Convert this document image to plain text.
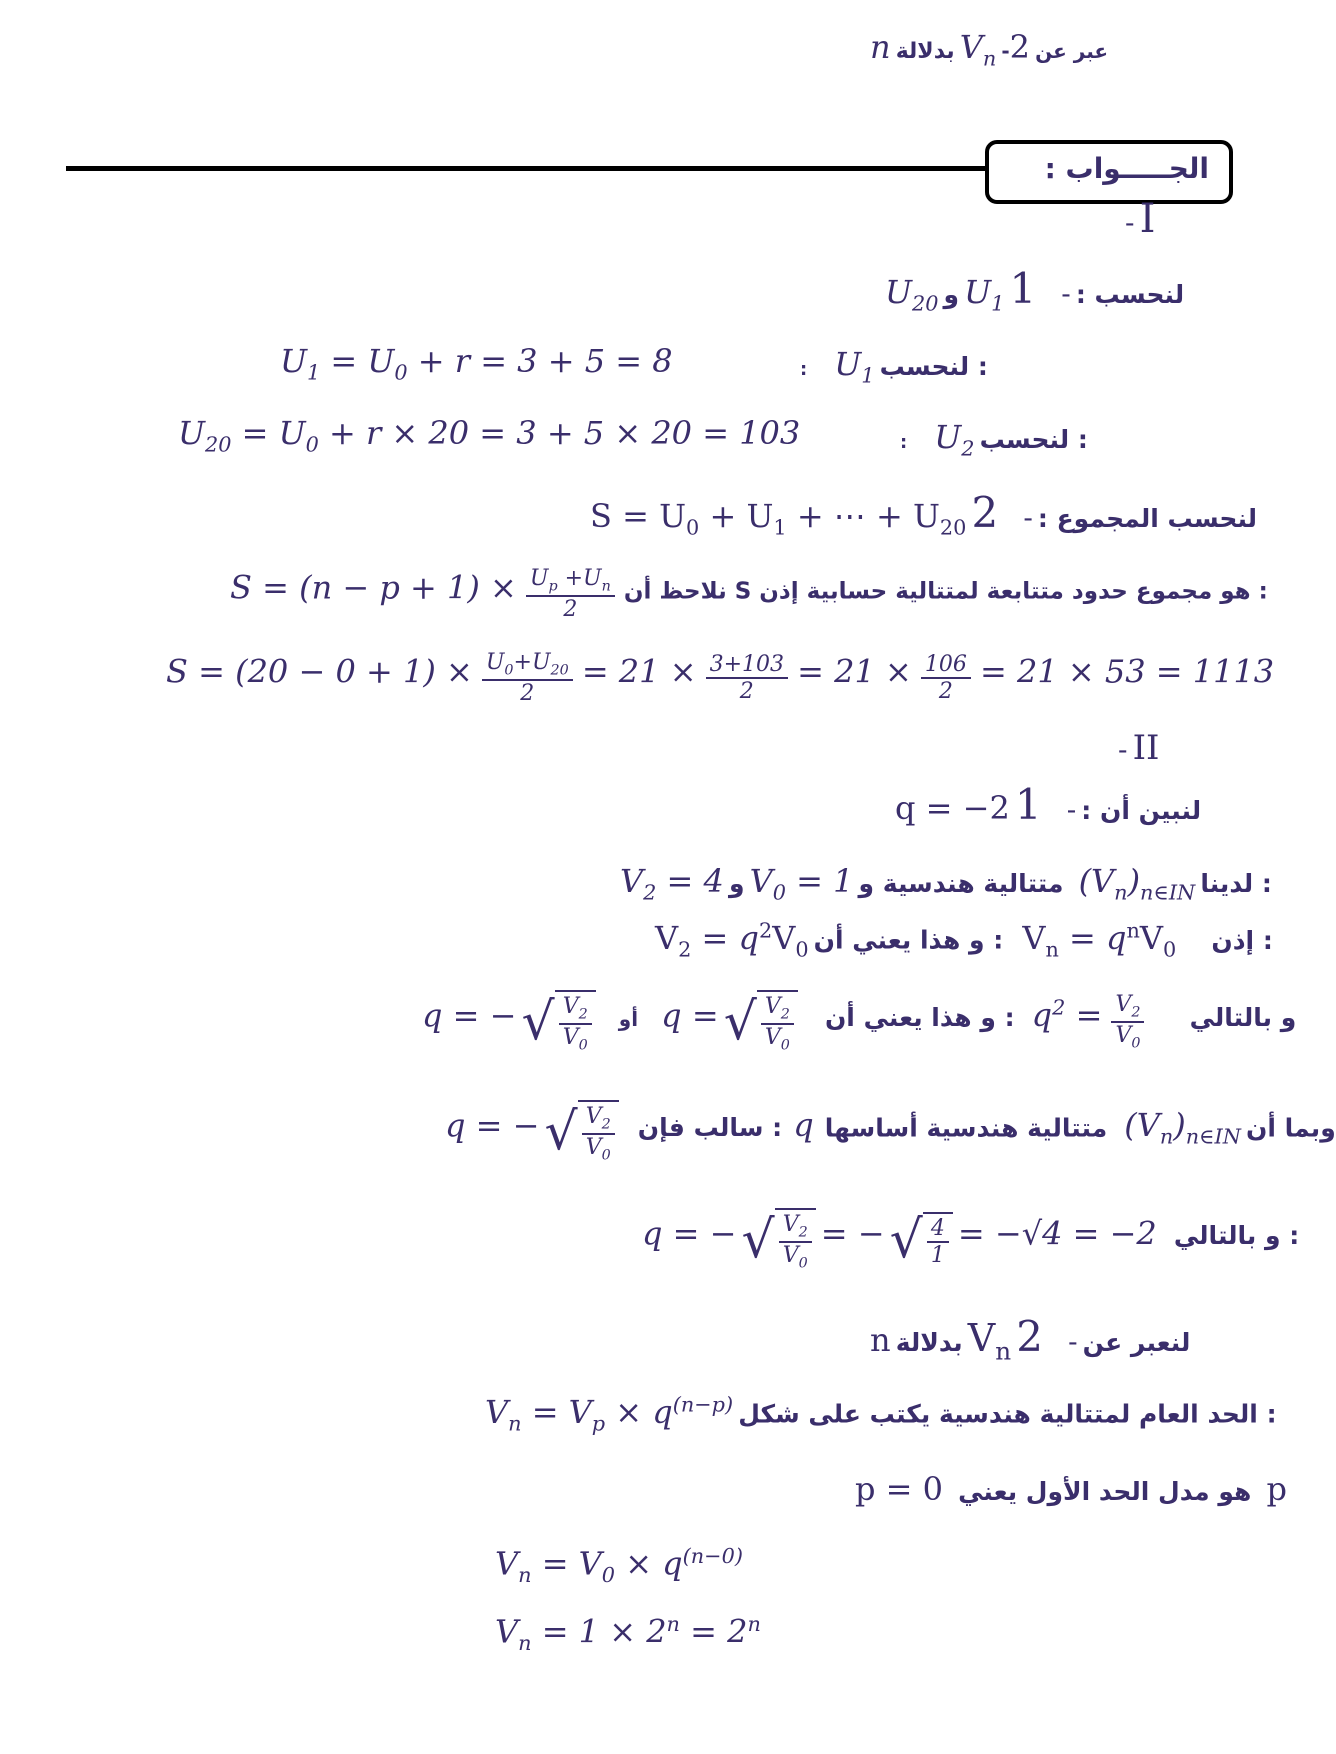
n بدلالة $V_n$ -عبر عن 2
الجـــــواب :
- I
$U_{20}$ و $U_1$	لنحسب : - 1
$U_1 = U_0 + r = 3 + 5 = 8$	: $U_1$ لنحسب :
$U_{20} = U_0 + r \times 20 = 3 + 5 \times 20 = 103$	: $U_2$ لنحسب :
$S = U_0 + U_1$ + ⋯ + $U_{20}$	لنحسب المجموع : - 2
$S = (n - p + 1) \times \frac{U_p +U_n}{2}$ نلاحظ أن S هو مجموع حدود متتابعة لمتتالية حسابية إذن :
$S = (20 - 0 + 1) \times \frac{U_0+U_{20}}{2} = 21 \times \frac{3+103}{2} = 21 \times \frac{106}{2} = 21 \times 53 = 1113$
- II
q = −2	لنبين أن : - 1
$V_2 = 4$ و $V_0 = 1$ متتالية هندسية و $(V_n)_{n\in IN}$ لدينا :
$V_2 = q^2V_0$ و هذا يعني أن : $V_n = q^nV_0$ إذن :
q = − √ $\frac{V_2}{V_0}$ أو q = √ $\frac{V_2}{V_0}$ و هذا يعني أن : $q^2 = \frac{V_2}{V_0}$ و بالتالي
q = − √ $\frac{V_2}{V_0}$ سالب فإن : q متتالية هندسية أساسها $(V_n)_{n\in IN}$ وبما أن
q = − √ $\frac{V_2}{V_0}$ = − √ $\frac{4}{1} = -√4 = -2$ و بالتالي :
n بدلالة $V_n$	لنعبر عن - 2
$V_n = V_p \times q^{(n-p)}$ الحد العام لمتتالية هندسية يكتب على شكل :
p = 0 هو مدل الحد الأول يعني p
$V_n = V_0 \times q^{(n-0)}$
$V_n = 1 \times 2^n = 2^n$
